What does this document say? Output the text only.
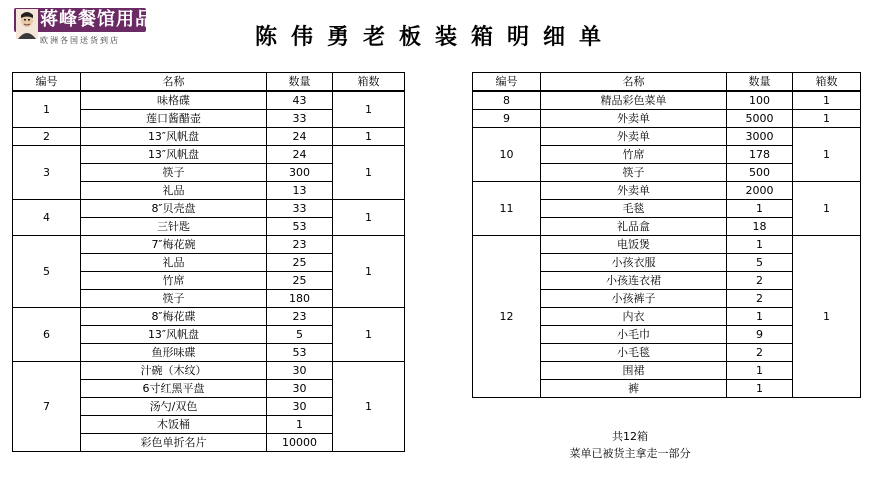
蒋峰餐馆用品
欧洲各国送货到店	陈伟勇老板装箱明细单
编号	名称	数量	箱数
1	味格碟	43	1
	莲口酱醋壶	33	
2	13″风帆盘	24	1
3	13″风帆盘	24	1
	筷子	300	
	礼品	13	
4	8″贝壳盘	33	1
	三针匙	53	
5	7″梅花碗	23	1
	礼品	25	
	竹席	25	
	筷子	180	
6	8″梅花碟	23	1
	13″风帆盘	5	
	鱼形味碟	53	
7	汁碗（木纹）	30	1
	6寸红黑平盘	30	
	汤勺/双色	30	
	木饭桶	1	
	彩色单折名片	10000	
编号	名称	数量	箱数
8	精品彩色菜单	100	1
9	外卖单	5000	1
10	外卖单	3000	1
	竹席	178	
	筷子	500	
11	外卖单	2000	1
	毛毯	1	
	礼品盒	18	
12	电饭煲	1	1
	小孩衣服	5	
	小孩连衣裙	2	
	小孩裤子	2	
	内衣	1	
	小毛巾	9	
	小毛毯	2	
	围裙	1	
	裤	1	
共12箱
菜单已被货主拿走一部分
